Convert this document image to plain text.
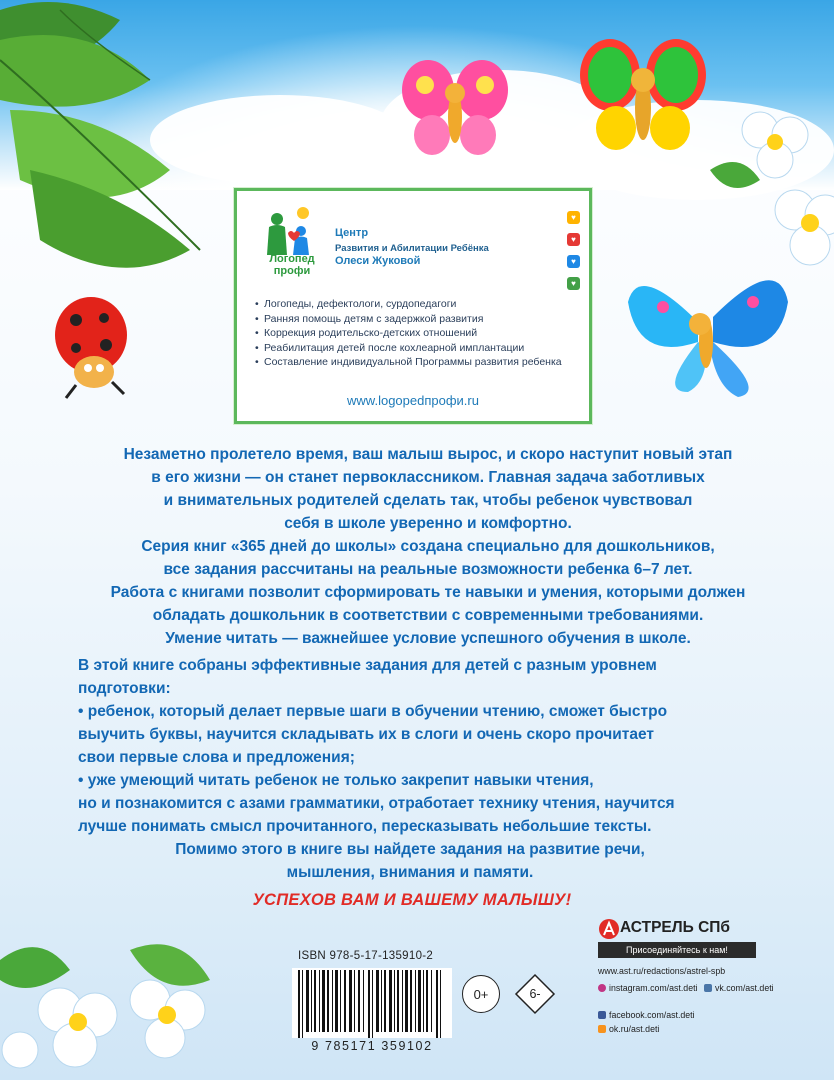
Логопед профи
Центр
Развития и Абилитации Ребёнка
Олеси Жуковой
♥
♥
♥
♥
• Логопеды, дефектологи, сурдопедагоги
• Ранняя помощь детям с задержкой развития
• Коррекция родительско-детских отношений
• Реабилитация детей после кохлеарной имплантации
• Составление индивидуальной Программы развития ребенка
www.logopedпрофи.ru
Незаметно пролетело время, ваш малыш вырос, и скоро наступит новый этап
в его жизни — он станет первоклассником. Главная задача заботливых
и внимательных родителей сделать так, чтобы ребенок чувствовал
себя в школе уверенно и комфортно.
Серия книг «365 дней до школы» создана специально для дошкольников,
все задания рассчитаны на реальные возможности ребенка 6–7 лет.
Работа с книгами позволит сформировать те навыки и умения, которыми должен
обладать дошкольник в соответствии с современными требованиями.
Умение читать — важнейшее условие успешного обучения в школе.
В этой книге собраны эффективные задания для детей с разным уровнем
подготовки:
• ребенок, который делает первые шаги в обучении чтению, сможет быстро
выучить буквы, научится складывать их в слоги и очень скоро прочитает
свои первые слова и предложения;
• уже умеющий читать ребенок не только закрепит навыки чтения,
но и познакомится с азами грамматики, отработает технику чтения, научится
лучше понимать смысл прочитанного, пересказывать небольшие тексты.
Помимо этого в книге вы найдете задания на развитие речи,
мышления, внимания и памяти.
УСПЕХОВ ВАМ И ВАШЕМУ МАЛЫШУ!
ISBN 978-5-17-135910-2
9 785171 359102
0+	6-
АСТРЕЛЬ СПб
Присоединяйтесь к нам!
www.ast.ru/redactions/astrel-spb
instagram.com/ast.deti vk.com/ast.deti
facebook.com/ast.deti
ok.ru/ast.deti
